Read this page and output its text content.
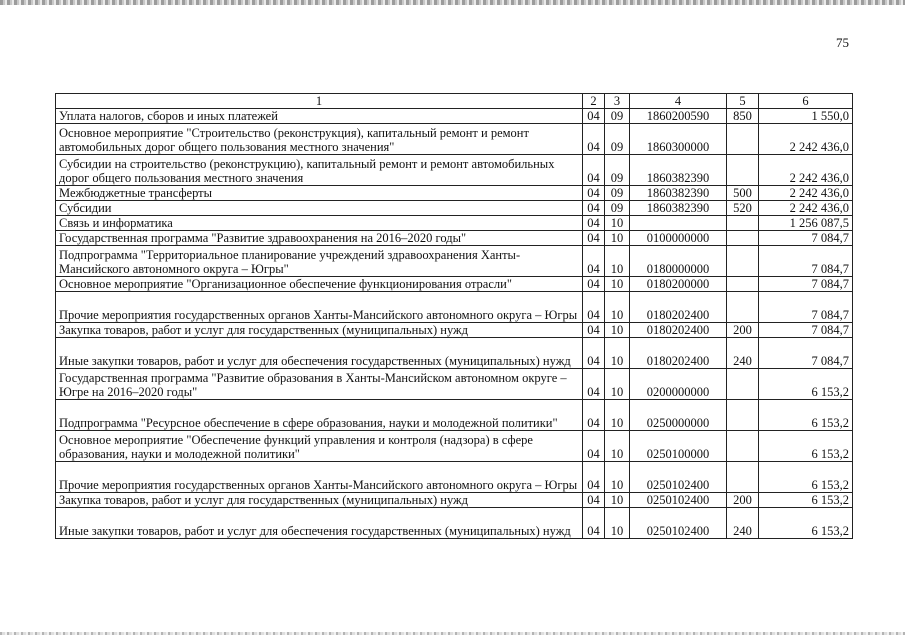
75
1	2	3	4	5	6
Уплата налогов, сборов и иных платежей	04	09	1860200590	850	1 550,0
Основное мероприятие "Строительство (реконструкция), капитальный ремонт и ремонт автомобильных дорог общего пользования местного значения"	04	09	1860300000		2 242 436,0
Субсидии на строительство (реконструкцию), капитальный ремонт и ремонт автомобильных дорог общего пользования местного значения	04	09	1860382390		2 242 436,0
Межбюджетные трансферты	04	09	1860382390	500	2 242 436,0
Субсидии	04	09	1860382390	520	2 242 436,0
Связь и информатика	04	10			1 256 087,5
Государственная программа "Развитие здравоохранения на 2016–2020 годы"	04	10	0100000000		7 084,7
Подпрограмма "Территориальное планирование учреждений здравоохранения Ханты-Мансийского автономного округа – Югры"	04	10	0180000000		7 084,7
Основное мероприятие "Организационное обеспечение функционирования отрасли"	04	10	0180200000		7 084,7
Прочие мероприятия государственных органов Ханты-Мансийского автономного округа – Югры	04	10	0180202400		7 084,7
Закупка товаров, работ и услуг для государственных (муниципальных) нужд	04	10	0180202400	200	7 084,7
Иные закупки товаров, работ и услуг для обеспечения государственных (муниципальных) нужд	04	10	0180202400	240	7 084,7
Государственная программа "Развитие образования в Ханты-Мансийском автономном округе – Югре на 2016–2020 годы"	04	10	0200000000		6 153,2
Подпрограмма "Ресурсное обеспечение в сфере образования, науки и молодежной политики"	04	10	0250000000		6 153,2
Основное мероприятие "Обеспечение функций управления и контроля (надзора) в сфере образования, науки и молодежной политики"	04	10	0250100000		6 153,2
Прочие мероприятия государственных органов Ханты-Мансийского автономного округа – Югры	04	10	0250102400		6 153,2
Закупка товаров, работ и услуг для государственных (муниципальных) нужд	04	10	0250102400	200	6 153,2
Иные закупки товаров, работ и услуг для обеспечения государственных (муниципальных) нужд	04	10	0250102400	240	6 153,2
